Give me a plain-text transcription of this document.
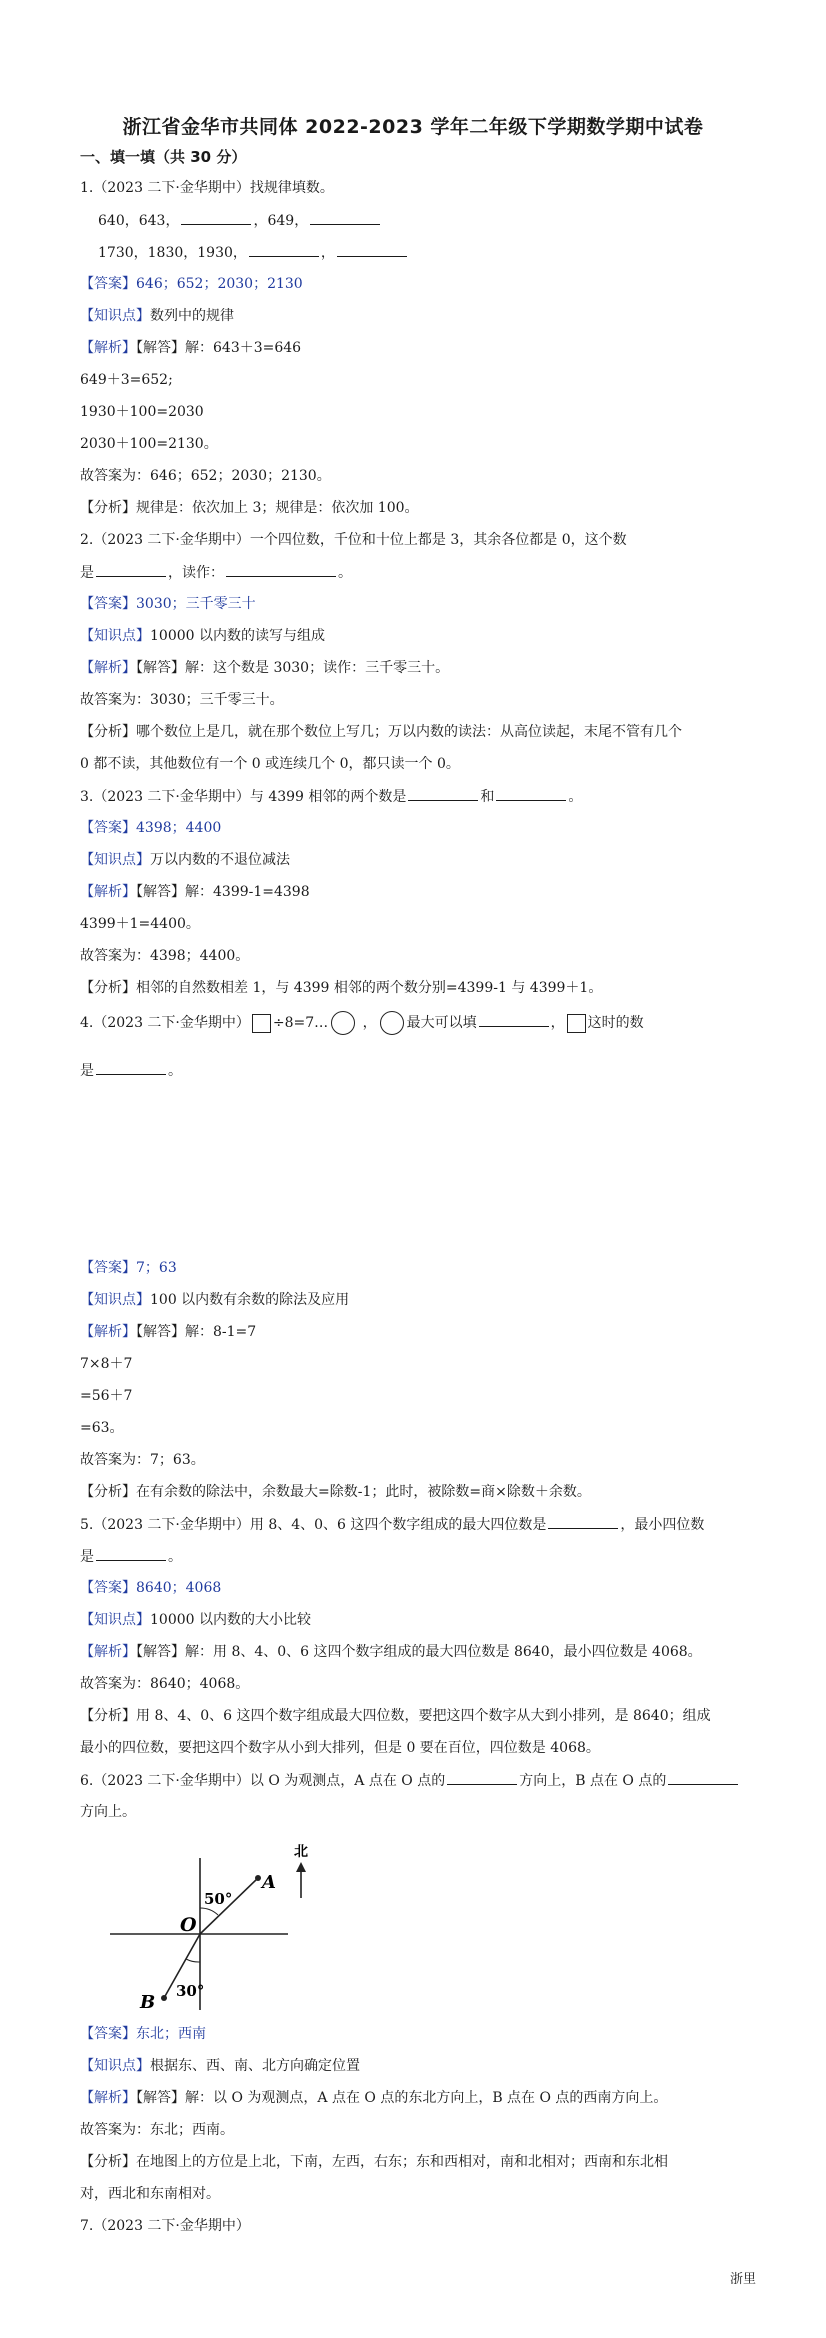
浙江省金华市共同体 2022-2023 学年二年级下学期数学期中试卷
一、填一填（共 30 分）
1.（2023 二下·金华期中）找规律填数。
640，643，	，649，
1730，1830，1930，	，
【答案】646；652；2030；2130
【知识点】数列中的规律
【解析】【解答】解：643＋3=646
649＋3=652;
1930＋100=2030
2030＋100=2130。
故答案为：646；652；2030；2130。
【分析】规律是：依次加上 3；规律是：依次加 100。
2.（2023 二下·金华期中）一个四位数，千位和十位上都是 3，其余各位都是 0，这个数
是	，读作：	。
【答案】3030；三千零三十
【知识点】10000 以内数的读写与组成
【解析】【解答】解：这个数是 3030；读作：三千零三十。
故答案为：3030；三千零三十。
【分析】哪个数位上是几，就在那个数位上写几；万以内数的读法：从高位读起，末尾不管有几个
0 都不读，其他数位有一个 0 或连续几个 0，都只读一个 0。
3.（2023 二下·金华期中）与 4399 相邻的两个数是	和	。
【答案】4398；4400
【知识点】万以内数的不退位减法
【解析】【解答】解：4399-1=4398
4399＋1=4400。
故答案为：4398；4400。
【分析】相邻的自然数相差 1，与 4399 相邻的两个数分别=4399-1 与 4399＋1。
4.（2023 二下·金华期中） ÷8=7… ， 最大可以填	， 这时的数
是	。
【答案】7；63
【知识点】100 以内数有余数的除法及应用
【解析】【解答】解：8-1=7
7×8＋7
=56＋7
=63。
故答案为：7；63。
【分析】在有余数的除法中，余数最大=除数-1；此时，被除数=商×除数＋余数。
5.（2023 二下·金华期中）用 8、4、0、6 这四个数字组成的最大四位数是	，最小四位数
是	。
【答案】8640；4068
【知识点】10000 以内数的大小比较
【解析】【解答】解：用 8、4、0、6 这四个数字组成的最大四位数是 8640，最小四位数是 4068。
故答案为：8640；4068。
【分析】用 8、4、0、6 这四个数字组成最大四位数，要把这四个数字从大到小排列，是 8640；组成
最小的四位数，要把这四个数字从小到大排列，但是 0 要在百位，四位数是 4068。
6.（2023 二下·金华期中）以 O 为观测点，A 点在 O 点的	方向上，B 点在 O 点的
方向上。
50°
A
O
B
30°
北
【答案】东北；西南
【知识点】根据东、西、南、北方向确定位置
【解析】【解答】解：以 O 为观测点，A 点在 O 点的东北方向上，B 点在 O 点的西南方向上。
故答案为：东北；西南。
【分析】在地图上的方位是上北，下南，左西，右东；东和西相对，南和北相对；西南和东北相
对，西北和东南相对。
7.（2023 二下·金华期中）
浙里
